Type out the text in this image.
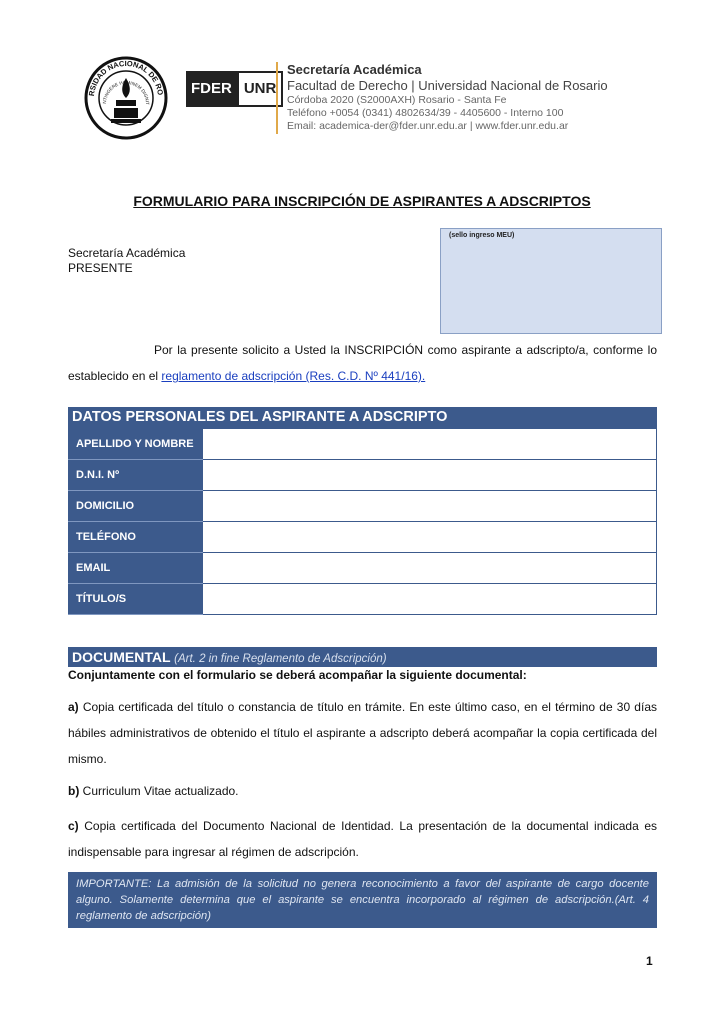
RSIDAD NACIONAL DE RO
NTINGERE HOMINEM DIGNIT
FDER UNR
Secretaría Académica
Facultad de Derecho | Universidad Nacional de Rosario
Córdoba 2020 (S2000AXH) Rosario - Santa Fe
Teléfono +0054 (0341) 4802634/39 - 4405600 - Interno 100
Email: academica-der@fder.unr.edu.ar | www.fder.unr.edu.ar
FORMULARIO PARA INSCRIPCIÓN DE ASPIRANTES A ADSCRIPTOS
(sello ingreso MEU)
Secretaría Académica
PRESENTE
Por la presente solicito a Usted la INSCRIPCIÓN como aspirante a adscripto/a, conforme lo establecido en el reglamento de adscripción (Res. C.D. Nº 441/16).
DATOS PERSONALES DEL ASPIRANTE A ADSCRIPTO
APELLIDO Y NOMBRE	
D.N.I. Nº	
DOMICILIO	
TELÉFONO	
EMAIL	
TÍTULO/S	
DOCUMENTAL (Art. 2 in fine Reglamento de Adscripción)
Conjuntamente con el formulario se deberá acompañar la siguiente documental:
a) Copia certificada del título o constancia de título en trámite. En este último caso, en el término de 30 días hábiles administrativos de obtenido el título el aspirante a adscripto deberá acompañar la copia certificada del mismo.
b) Curriculum Vitae actualizado.
c) Copia certificada del Documento Nacional de Identidad. La presentación de la documental indicada es indispensable para ingresar al régimen de adscripción.
IMPORTANTE: La admisión de la solicitud no genera reconocimiento a favor del aspirante de cargo docente alguno. Solamente determina que el aspirante se encuentra incorporado al régimen de adscripción.(Art. 4 reglamento de adscripción)
1
